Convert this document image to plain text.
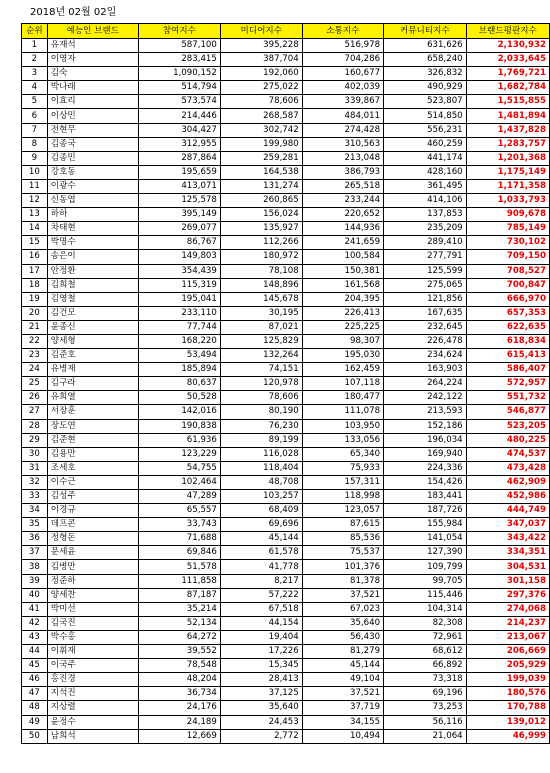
2018년 02월 02일
순위	예능인 브랜드	참여지수	미디어지수	소통지수	커뮤니티지수	브랜드평판지수
1	유재석	587,100	395,228	516,978	631,626	2,130,932
2	이영자	283,415	387,704	704,286	658,240	2,033,645
3	김숙	1,090,152	192,060	160,677	326,832	1,769,721
4	박나래	514,794	275,022	402,039	490,929	1,682,784
5	이효리	573,574	78,606	339,867	523,807	1,515,855
6	이상민	214,446	268,587	484,011	514,850	1,481,894
7	전현무	304,427	302,742	274,428	556,231	1,437,828
8	김종국	312,955	199,980	310,563	460,259	1,283,757
9	김종민	287,864	259,281	213,048	441,174	1,201,368
10	강호동	195,659	164,538	386,793	428,160	1,175,149
11	이광수	413,071	131,274	265,518	361,495	1,171,358
12	신동엽	125,578	260,865	233,244	414,106	1,033,793
13	하하	395,149	156,024	220,652	137,853	909,678
14	차태현	269,077	135,927	144,936	235,209	785,149
15	박명수	86,767	112,266	241,659	289,410	730,102
16	송은이	149,803	180,972	100,584	277,791	709,150
17	안정환	354,439	78,108	150,381	125,599	708,527
18	김희철	115,319	148,896	161,568	275,065	700,847
19	김영철	195,041	145,678	204,395	121,856	666,970
20	김건모	233,110	30,195	226,413	167,635	657,353
21	윤종신	77,744	87,021	225,225	232,645	622,635
22	양세형	168,220	125,829	98,307	226,478	618,834
23	김준호	53,494	132,264	195,030	234,624	615,413
24	유병재	185,894	74,151	162,459	163,903	586,407
25	김구라	80,637	120,978	107,118	264,224	572,957
26	유희열	50,528	78,606	180,477	242,122	551,732
27	서장훈	142,016	80,190	111,078	213,593	546,877
28	장도연	190,838	76,230	103,950	152,186	523,205
29	김준현	61,936	89,199	133,056	196,034	480,225
30	김용만	123,229	116,028	65,340	169,940	474,537
31	조세호	54,755	118,404	75,933	224,336	473,428
32	이수근	102,464	48,708	157,311	154,426	462,909
33	김성주	47,289	103,257	118,998	183,441	452,986
34	이경규	65,557	68,409	123,057	187,726	444,749
35	데프콘	33,743	69,696	87,615	155,984	347,037
36	정형돈	71,688	45,144	85,536	141,054	343,422
37	문세윤	69,846	61,578	75,537	127,390	334,351
38	김병만	51,578	41,778	101,376	109,799	304,531
39	정준하	111,858	8,217	81,378	99,705	301,158
40	양세찬	87,187	57,222	37,521	115,446	297,376
41	박미선	35,214	67,518	67,023	104,314	274,068
42	김국진	52,134	44,154	35,640	82,308	214,237
43	박수홍	64,272	19,404	56,430	72,961	213,067
44	이휘재	39,552	17,226	81,279	68,612	206,669
45	이국주	78,548	15,345	45,144	66,892	205,929
46	홍진경	48,204	28,413	49,104	73,318	199,039
47	지석진	36,734	37,125	37,521	69,196	180,576
48	지상렬	24,176	35,640	37,719	73,253	170,788
49	윤정수	24,189	24,453	34,155	56,116	139,012
50	남희석	12,669	2,772	10,494	21,064	46,999
